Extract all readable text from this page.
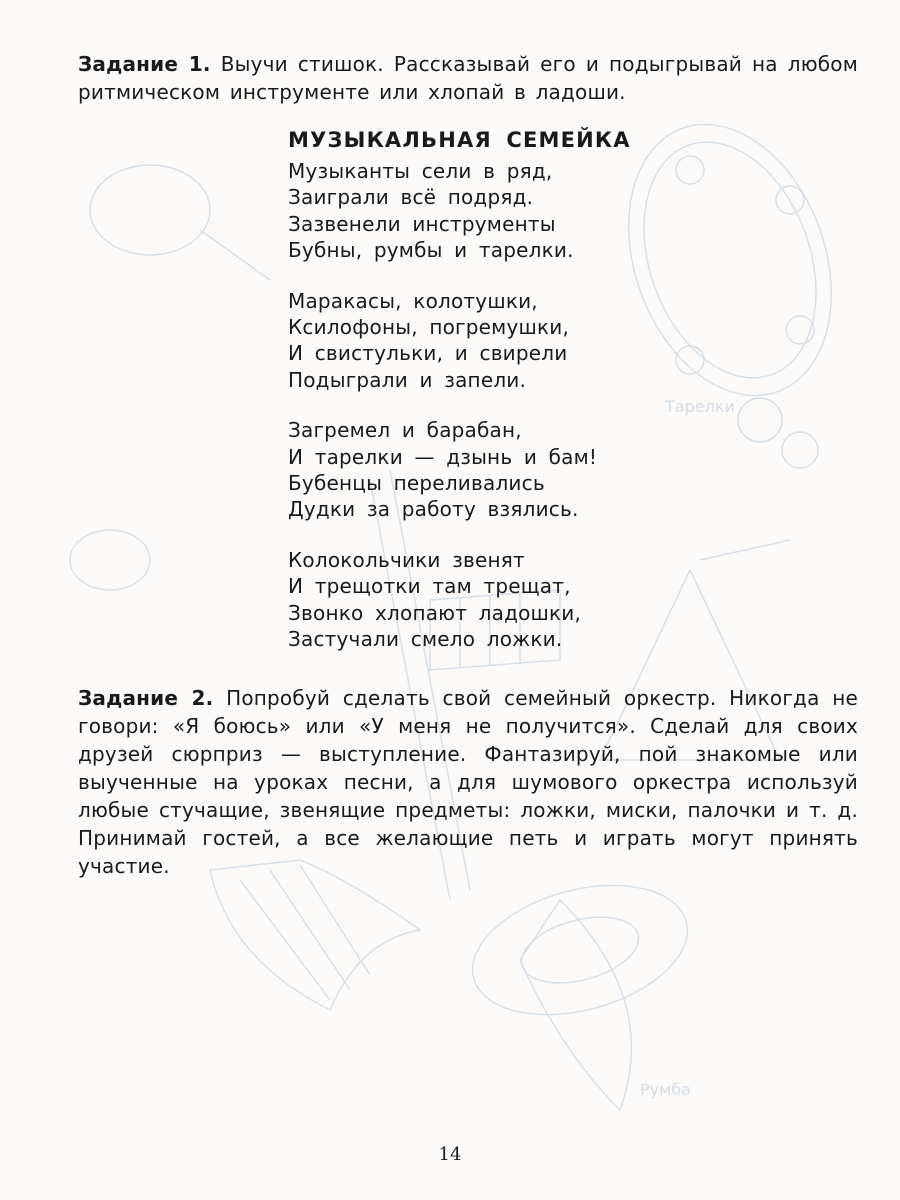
Тарелки
Румба
Задание 1. Выучи стишок. Рассказывай его и подыгрывай на любом ритмическом инструменте или хлопай в ладоши.
МУЗЫКАЛЬНАЯ СЕМЕЙКА
Музыканты сели в ряд,
Заиграли всё подряд.
Зазвенели инструменты
Бубны, румбы и тарелки.
Маракасы, колотушки,
Ксилофоны, погремушки,
И свистульки, и свирели
Подыграли и запели.
Загремел и барабан,
И тарелки — дзынь и бам!
Бубенцы переливались
Дудки за работу взялись.
Колокольчики звенят
И трещотки там трещат,
Звонко хлопают ладошки,
Застучали смело ложки.
Задание 2. Попробуй сделать свой семейный оркестр. Никогда не говори: «Я боюсь» или «У меня не получится». Сделай для своих друзей сюрприз — выступление. Фантазируй, пой знакомые или выученные на уроках песни, а для шумового оркестра используй любые стучащие, звенящие предметы: ложки, миски, палочки и т. д. Принимай гостей, а все желающие петь и играть могут принять участие.
14
